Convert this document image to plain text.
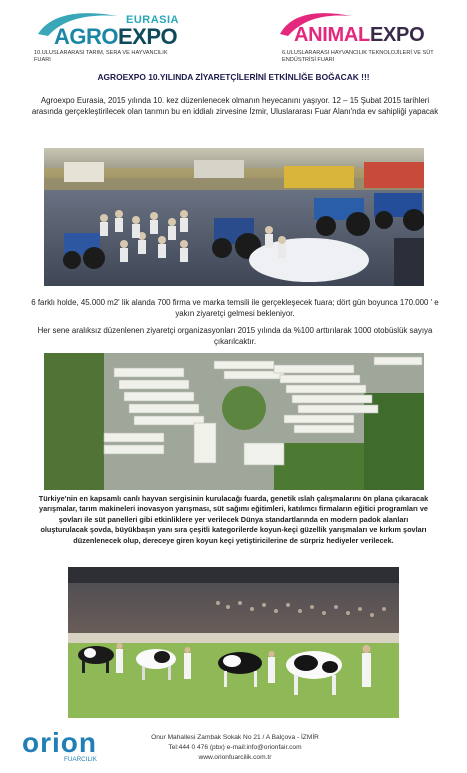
EURASIA
AGROEXPO
10.ULUSLARARASI TARIM, SERA VE HAYVANCILIK FUARI
ANIMALEXPO
6.ULUSLARARASI HAYVANCILIK TEKNOLOJİLERİ VE SÜT ENDÜSTRİSİ FUARI
AGROEXPO 10.YILINDA ZİYARETÇİLERİNİ ETKİNLİĞE BOĞACAK !!!
Agroexpo Eurasia, 2015 yılında 10. kez düzenlenecek olmanın heyecanını yaşıyor. 12 – 15 Şubat 2015 tarihleri arasında gerçekleştirilecek olan tarımın bu en iddialı zirvesine İzmir, Uluslararası Fuar Alanı'nda ev sahipliği yapacak
6 farklı holde, 45.000 m2' lik alanda 700 firma ve marka temsili ile gerçekleşecek fuara; dört gün boyunca 170.000 ' e yakın ziyaretçi gelmesi bekleniyor.
Her sene aralıksız düzenlenen ziyaretçi organizasyonları 2015 yılında da %100 arttırılarak 1000 otobüslük sayıya çıkarılcaktır.
Türkiye'nin en kapsamlı canlı hayvan sergisinin kurulacağı fuarda, genetik ıslah çalışmalarını ön plana çıkaracak yarışmalar, tarım makineleri inovasyon yarışması, süt sağımı eğitimleri, katılımcı firmaların eğitici programları ve şovları ile süt panelleri gibi etkinliklere yer verilecek Dünya standartlarında en modern padok alanları oluşturulacak şovda, büyükbaşın yanı sıra çeşitli kategorilerde koyun-keçi güzellik yarışmaları ve kırkım şovları düzenlenecek olup, dereceye giren koyun keçi yetiştiricilerine de sürpriz hediyeler verilecek.
orion
FUARCILIK
Onur Mahallesi Zambak Sokak No 21 / A Balçova - İZMİR
Tel:444 0 476 (pbx) e-mail:info@orionfair.com
www.orionfuarcilik.com.tr
